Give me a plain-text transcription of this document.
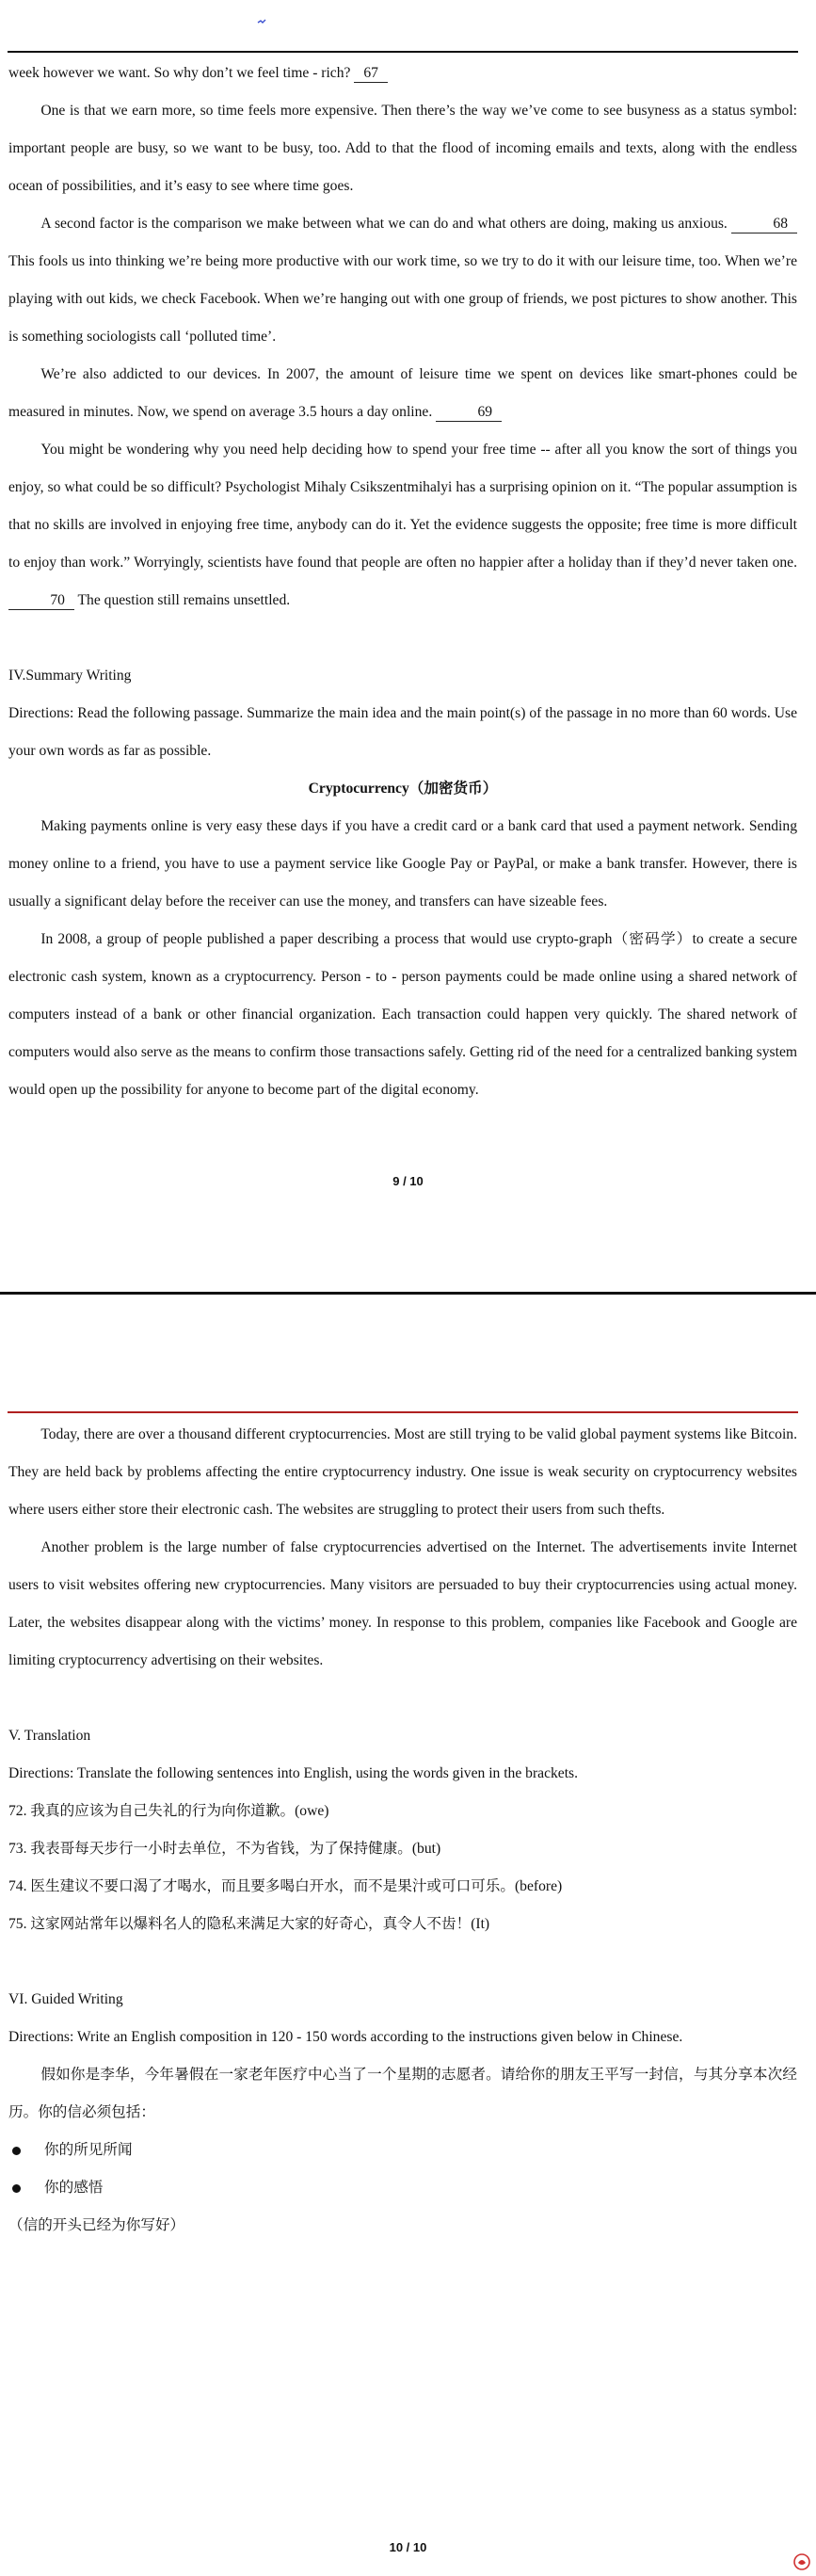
week however we want. So why don’t we feel time - rich? 67

One is that we earn more, so time feels more expensive. Then there’s the way we’ve come to see busyness as a status symbol: important people are busy, so we want to be busy, too. Add to that the flood of incoming emails and texts, along with the endless ocean of possibilities, and it’s easy to see where time goes.

A second factor is the comparison we make between what we can do and what others are doing, making us anxious.	68 This fools us into thinking we’re being more productive with our work time, so we try to do it with our leisure time, too. When we’re playing with out kids, we check Facebook. When we’re hanging out with one group of friends, we post pictures to show another. This is something sociologists call ‘polluted time’.

We’re also addicted to our devices. In 2007, the amount of leisure time we spent on devices like smart-phones could be measured in minutes. Now, we spend on average 3.5 hours a day online.	69

You might be wondering why you need help deciding how to spend your free time -- after all you know the sort of things you enjoy, so what could be so difficult? Psychologist Mihaly Csikszentmihalyi has a surprising opinion on it. “The popular assumption is that no skills are involved in enjoying free time, anybody can do it. Yet the evidence suggests the opposite; free time is more difficult to enjoy than work.” Worryingly, scientists have found that people are often no happier after a holiday than if they’d never taken one. 70 The question still remains unsettled.

IV.Summary Writing

Directions: Read the following passage. Summarize the main idea and the main point(s) of the passage in no more than 60 words. Use your own words as far as possible.

Cryptocurrency（加密货币）

Making payments online is very easy these days if you have a credit card or a bank card that used a payment network. Sending money online to a friend, you have to use a payment service like Google Pay or PayPal, or make a bank transfer. However, there is usually a significant delay before the receiver can use the money, and transfers can have sizeable fees.

In 2008, a group of people published a paper describing a process that would use crypto-graph（密码学）to create a secure electronic cash system, known as a cryptocurrency. Person - to - person payments could be made online using a shared network of computers instead of a bank or other financial organization. Each transaction could happen very quickly. The shared network of computers would also serve as the means to confirm those transactions safely. Getting rid of the need for a centralized banking system would open up the possibility for anyone to become part of the digital economy.

9 / 10

Today, there are over a thousand different cryptocurrencies. Most are still trying to be valid global payment systems like Bitcoin. They are held back by problems affecting the entire cryptocurrency industry. One issue is weak security on cryptocurrency websites where users either store their electronic cash. The websites are struggling to protect their users from such thefts.

Another problem is the large number of false cryptocurrencies advertised on the Internet. The advertisements invite Internet users to visit websites offering new cryptocurrencies. Many visitors are persuaded to buy their cryptocurrencies using actual money. Later, the websites disappear along with the victims’ money. In response to this problem, companies like Facebook and Google are limiting cryptocurrency advertising on their websites.

V. Translation

Directions: Translate the following sentences into English, using the words given in the brackets.

72. 我真的应该为自己失礼的行为向你道歉。(owe)

73. 我表哥每天步行一小时去单位，不为省钱，为了保持健康。(but)

74. 医生建议不要口渴了才喝水，而且要多喝白开水，而不是果汁或可口可乐。(before)

75. 这家网站常年以爆料名人的隐私来满足大家的好奇心，真令人不齿！(It)

VI. Guided Writing

Directions: Write an English composition in 120 - 150 words according to the instructions given below in Chinese.

假如你是李华，今年暑假在一家老年医疗中心当了一个星期的志愿者。请给你的朋友王平写一封信，与其分享本次经历。你的信必须包括：

你的所见所闻
你的感悟

（信的开头已经为你写好）

10 / 10
